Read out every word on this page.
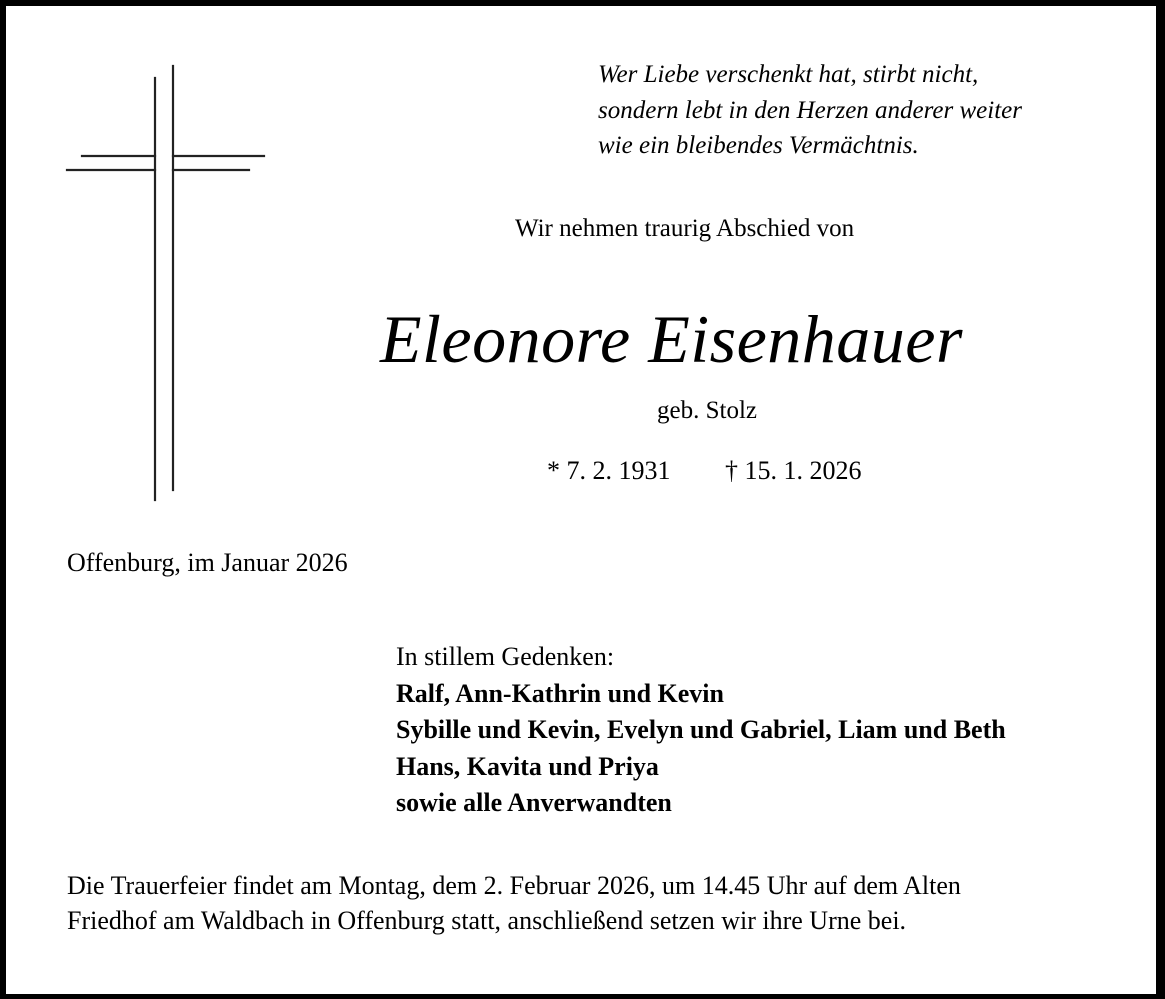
Wer Liebe verschenkt hat, stirbt nicht,
sondern lebt in den Herzen anderer weiter
wie ein bleibendes Vermächtnis.
Wir nehmen traurig Abschied von
Eleonore Eisenhauer
geb. Stolz
* 7. 2. 1931 † 15. 1. 2026
Offenburg, im Januar 2026
In stillem Gedenken:
Ralf, Ann-Kathrin und Kevin
Sybille und Kevin, Evelyn und Gabriel, Liam und Beth
Hans, Kavita und Priya
sowie alle Anverwandten
Die Trauerfeier findet am Montag, dem 2. Februar 2026, um 14.45 Uhr auf dem Alten
Friedhof am Waldbach in Offenburg statt, anschließend setzen wir ihre Urne bei.
